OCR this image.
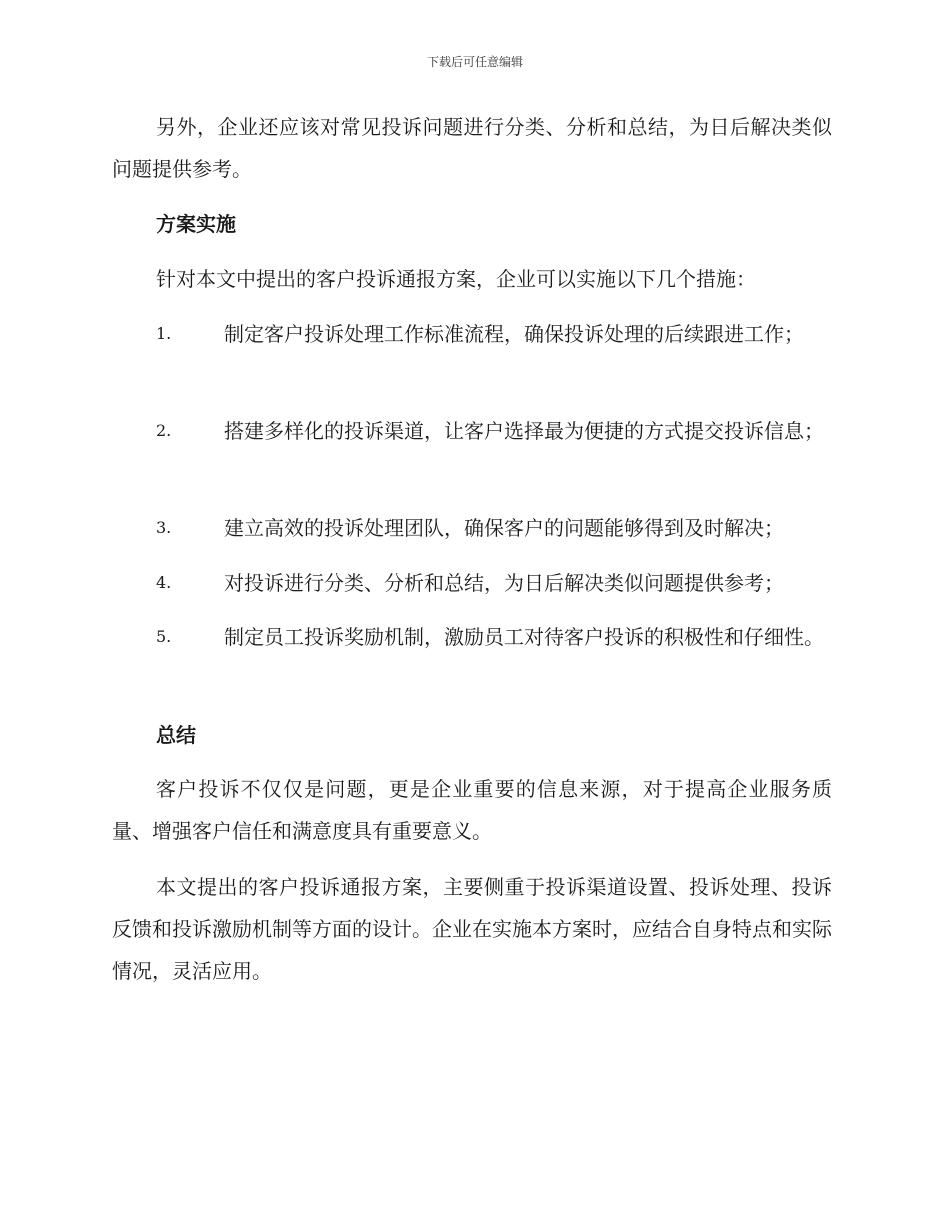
下载后可任意编辑
另外，企业还应该对常见投诉问题进行分类、分析和总结，为日后解决类似问题提供参考。
方案实施
针对本文中提出的客户投诉通报方案，企业可以实施以下几个措施：
1.	制定客户投诉处理工作标准流程，确保投诉处理的后续跟进工作；
2.	搭建多样化的投诉渠道，让客户选择最为便捷的方式提交投诉信息；
3.	建立高效的投诉处理团队，确保客户的问题能够得到及时解决；
4.	对投诉进行分类、分析和总结，为日后解决类似问题提供参考；
5.	制定员工投诉奖励机制，激励员工对待客户投诉的积极性和仔细性。
总结
客户投诉不仅仅是问题，更是企业重要的信息来源，对于提高企业服务质量、增强客户信任和满意度具有重要意义。
本文提出的客户投诉通报方案，主要侧重于投诉渠道设置、投诉处理、投诉反馈和投诉激励机制等方面的设计。企业在实施本方案时，应结合自身特点和实际情况，灵活应用。
